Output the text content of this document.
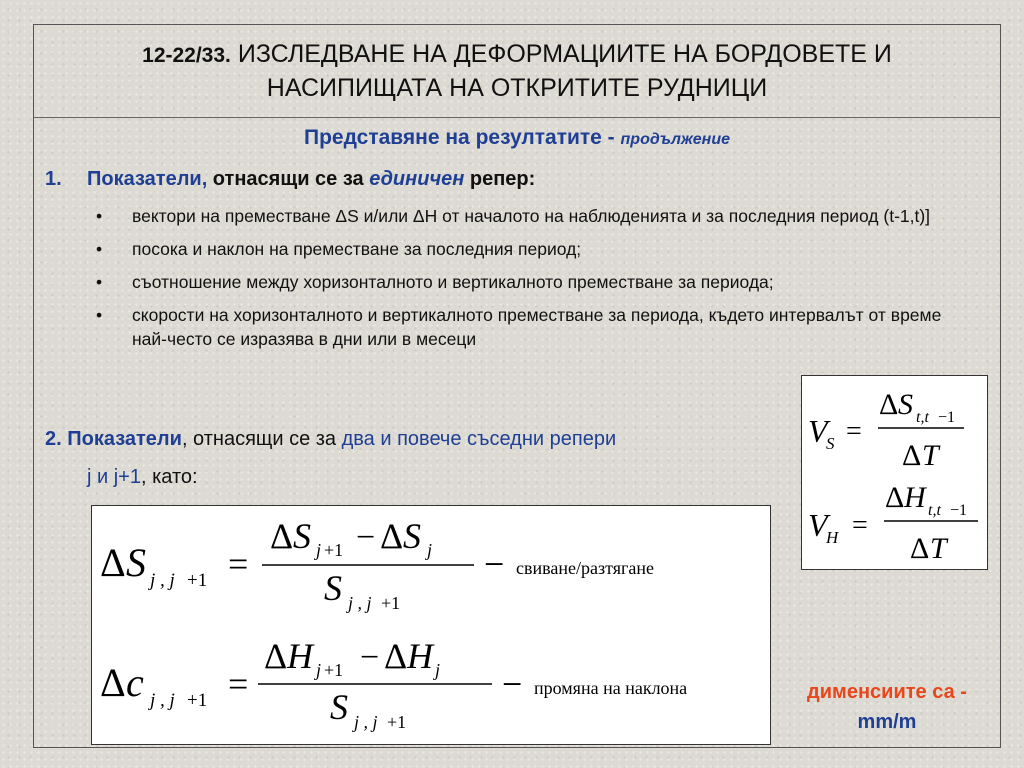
12-22/33. ИЗСЛЕДВАНЕ НА ДЕФОРМАЦИИТЕ НА БОРДОВЕТЕ И
НАСИПИЩАТА НА ОТКРИТИТЕ РУДНИЦИ
Представяне на резултатите - продължение
1. Показатели, отнасящи се за единичен репер:
• вектори на преместване ΔS и/или ΔH от началото на наблюденията и за последния период (t-1,t)]
• посока и наклон на преместване за последния период;
• съотношение между хоризонталното и вертикалното преместване за периода;
• скорости на хоризонталното и вертикалното преместване за периода, където интервалът от време най-често се изразява в дни или в месеци
2. Показатели, отнасящи се за два и повече съседни репери
j и j+1, като:
V
S =
Δ S t,t −1
Δ T
V
H =
Δ H t,t −1
Δ T
Δ S j , j +1 =
Δ S j +1 − Δ S j
S j , j +1
− свиване/разтягане
Δ c j , j +1 =
Δ H j +1 − Δ H j
S j , j +1
− промяна на наклона	дименсиите са -
mm/m
